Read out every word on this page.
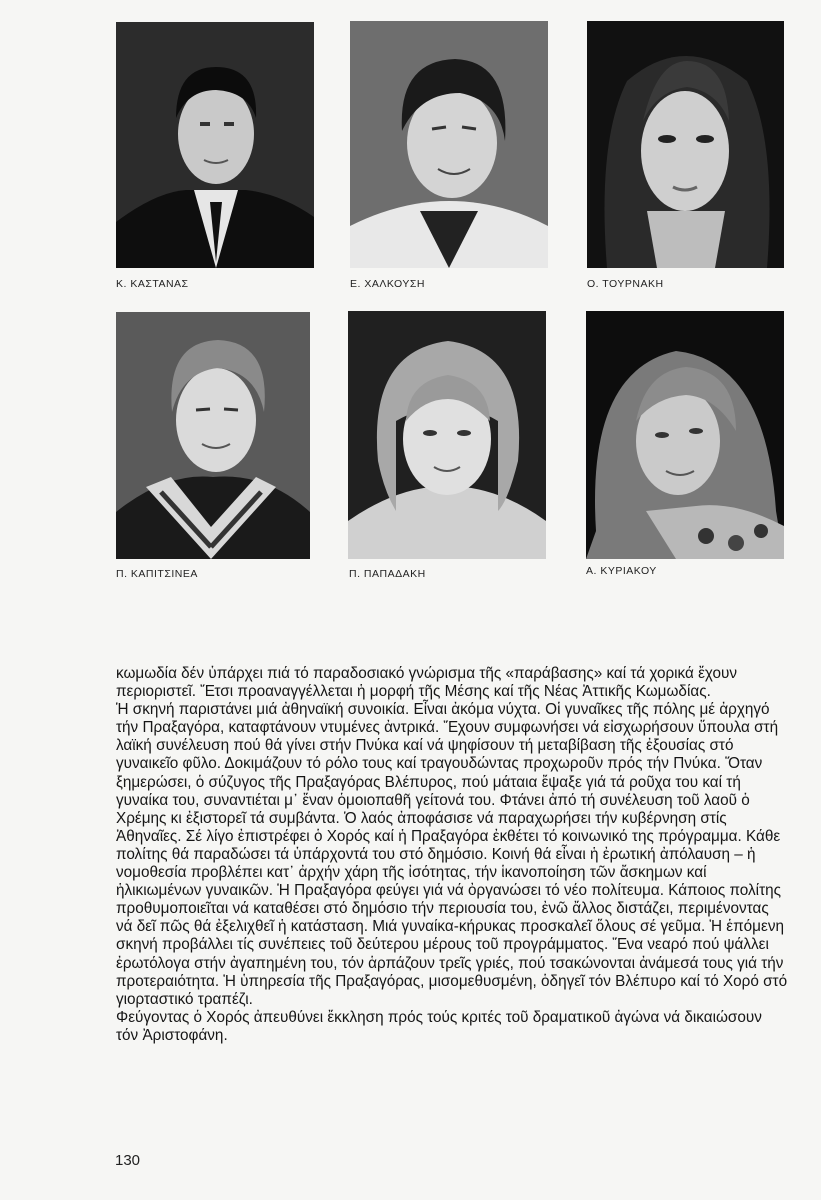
Κ. ΚΑΣΤΑΝΑΣ	Ε. ΧΑΛΚΟΥΣΗ	Ο. ΤΟΥΡΝΑΚΗ
Π. ΚΑΠΙΤΣΙΝΕΑ	Π. ΠΑΠΑΔΑΚΗ	Α. ΚΥΡΙΑΚΟΥ

κωμωδία δέν ὑπάρχει πιά τό παραδοσιακό γνώρισμα τῆς «παράβασης» καί τά χορικά ἔχουν περιοριστεῖ. Ἔτσι προαναγγέλλεται ἡ μορφή τῆς Μέσης καί τῆς Νέας Ἀττικῆς Κωμωδίας.

Ἡ σκηνή παριστάνει μιά ἀθηναϊκή συνοικία. Εἶναι ἀκόμα νύχτα. Οἱ γυναῖκες τῆς πόλης μέ ἀρχηγό τήν Πραξαγόρα, καταφτάνουν ντυμένες ἀντρικά. Ἔχουν συμφωνήσει νά εἰσχωρήσουν ὕπουλα στή λαϊκή συνέλευση πού θά γίνει στήν Πνύκα καί νά ψηφίσουν τή μεταβίβαση τῆς ἐξουσίας στό γυναικεῖο φῦλο. Δοκιμάζουν τό ρόλο τους καί τραγουδώντας προχωροῦν πρός τήν Πνύκα. Ὅταν ξημερώσει, ὁ σύζυγος τῆς Πραξαγόρας Βλέπυρος, πού μάταια ἔψαξε γιά τά ροῦχα του καί τή γυναίκα του, συναντιέται μ᾽ ἕναν ὁμοιοπαθῆ γείτονά του. Φτάνει ἀπό τή συνέλευση τοῦ λαοῦ ὁ Χρέμης κι ἐξιστορεῖ τά συμβάντα. Ὁ λαός ἀποφάσισε νά παραχωρήσει τήν κυβέρνηση στίς Ἀθηναῖες. Σέ λίγο ἐπιστρέφει ὁ Χορός καί ἡ Πραξαγόρα ἐκθέτει τό κοινωνικό της πρόγραμμα. Κάθε πολίτης θά παραδώσει τά ὑπάρχοντά του στό δημόσιο. Κοινή θά εἶναι ἡ ἐρωτική ἀπόλαυση – ἡ νομοθεσία προβλέπει κατ᾽ ἀρχήν χάρη τῆς ἰσότητας, τήν ἱκανοποίηση τῶν ἄσκημων καί ἡλικιωμένων γυναικῶν. Ἡ Πραξαγόρα φεύγει γιά νά ὀργανώσει τό νέο πολίτευμα. Κάποιος πολίτης προθυμοποιεῖται νά καταθέσει στό δημόσιο τήν περιουσία του, ἐνῶ ἄλλος διστάζει, περιμένοντας νά δεῖ πῶς θά ἐξελιχθεῖ ἡ κατάσταση. Μιά γυναίκα-κήρυκας προσκαλεῖ ὅλους σέ γεῦμα. Ἡ ἑπόμενη σκηνή προβάλλει τίς συνέπειες τοῦ δεύτερου μέρους τοῦ προγράμματος. Ἕνα νεαρό πού ψάλλει ἐρωτόλογα στήν ἀγαπημένη του, τόν ἁρπάζουν τρεῖς γριές, πού τσακώνονται ἀνάμεσά τους γιά τήν προτεραιότητα. Ἡ ὑπηρεσία τῆς Πραξαγόρας, μισομεθυσμένη, ὁδηγεῖ τόν Βλέπυρο καί τό Χορό στό γιορταστικό τραπέζι.

Φεύγοντας ὁ Χορός ἀπευθύνει ἔκκληση πρός τούς κριτές τοῦ δραματικοῦ ἀγώνα νά δικαιώσουν τόν Ἀριστοφάνη.

130
